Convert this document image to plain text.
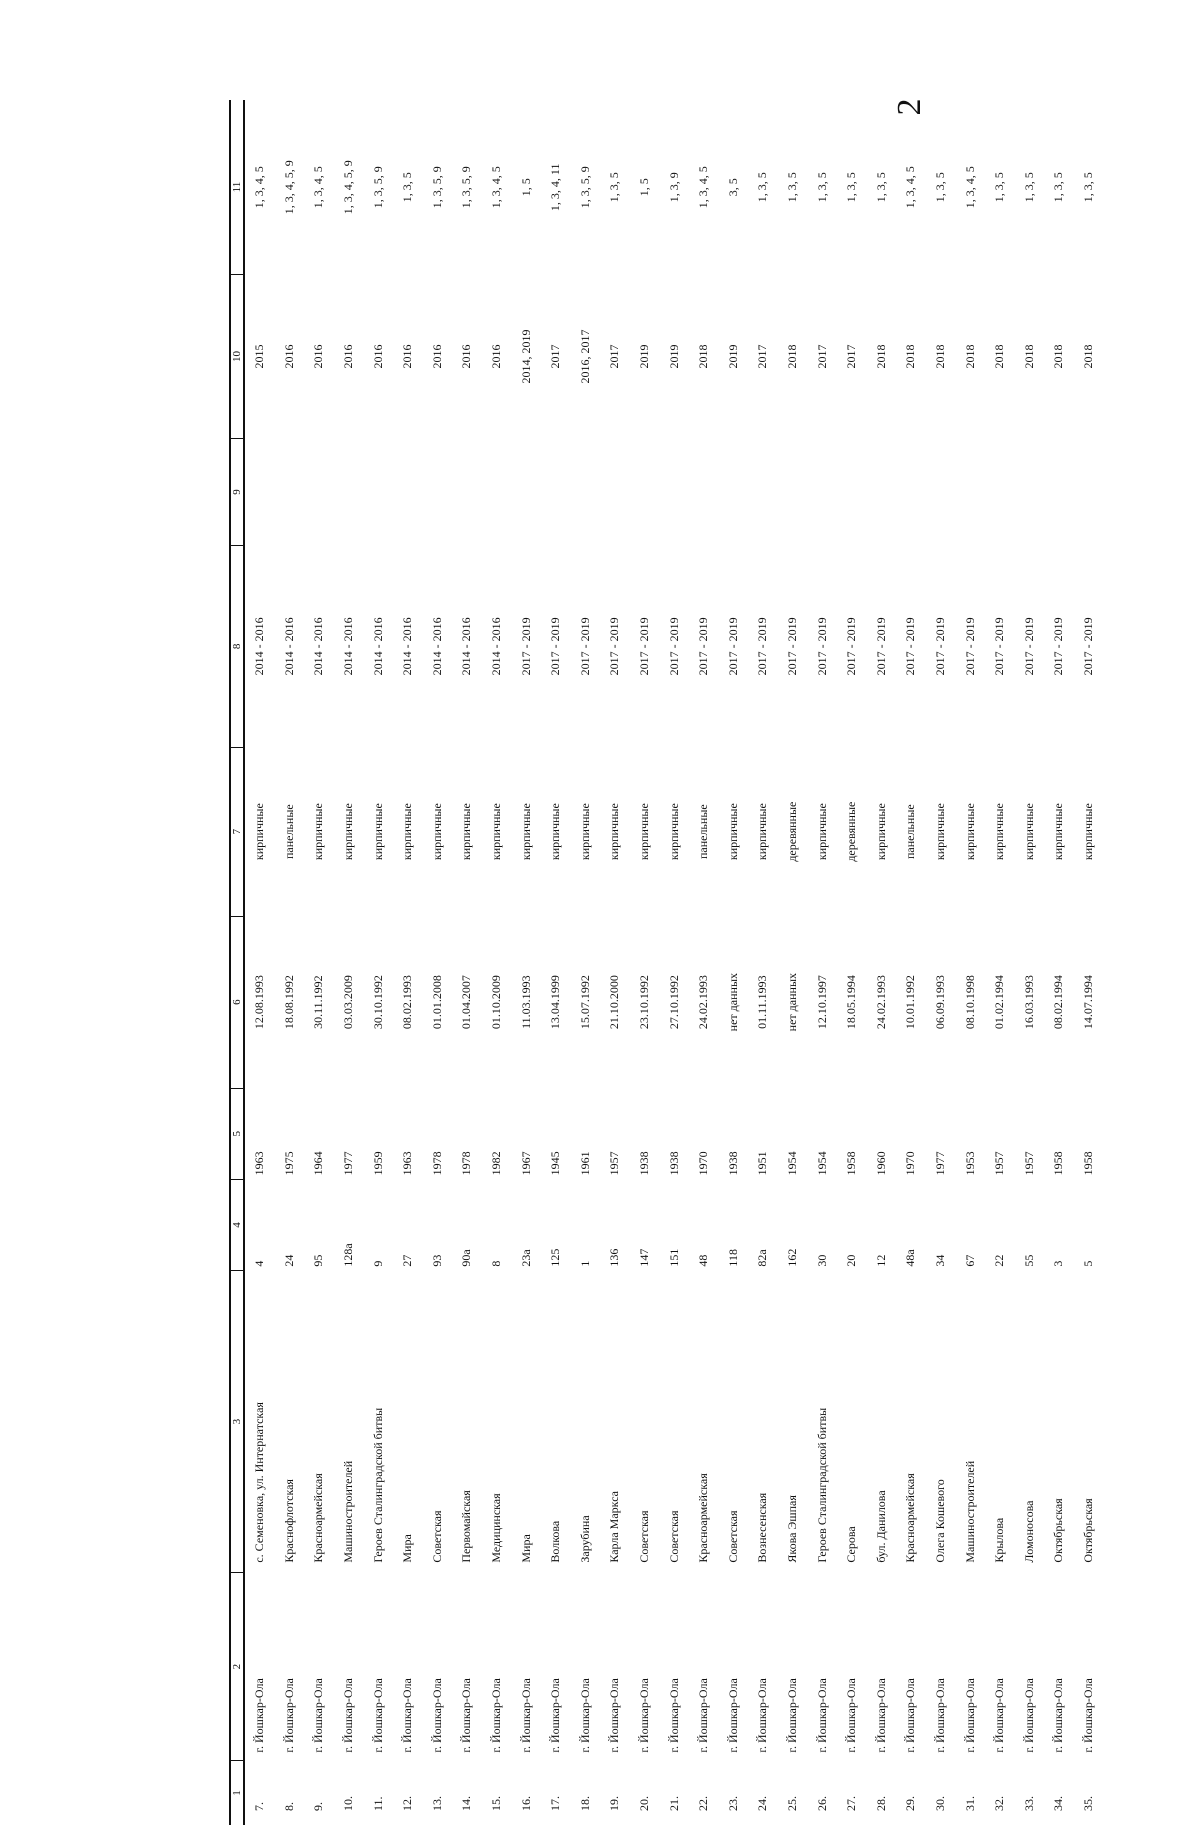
2
1	2	3	4	5	6	7	8	9	10	11
7.	г. Йошкар-Ола	с. Семеновка, ул. Интернатская	4	1963	12.08.1993	кирпичные	2014 - 2016		2015	1, 3, 4, 5
8.	г. Йошкар-Ола	Краснофлотская	24	1975	18.08.1992	панельные	2014 - 2016		2016	1, 3, 4, 5, 9
9.	г. Йошкар-Ола	Красноармейская	95	1964	30.11.1992	кирпичные	2014 - 2016		2016	1, 3, 4, 5
10.	г. Йошкар-Ола	Машиностроителей	128а	1977	03.03.2009	кирпичные	2014 - 2016		2016	1, 3, 4, 5, 9
11.	г. Йошкар-Ола	Героев Сталинградской битвы	9	1959	30.10.1992	кирпичные	2014 - 2016		2016	1, 3, 5, 9
12.	г. Йошкар-Ола	Мира	27	1963	08.02.1993	кирпичные	2014 - 2016		2016	1, 3, 5
13.	г. Йошкар-Ола	Советская	93	1978	01.01.2008	кирпичные	2014 - 2016		2016	1, 3, 5, 9
14.	г. Йошкар-Ола	Первомайская	90а	1978	01.04.2007	кирпичные	2014 - 2016		2016	1, 3, 5, 9
15.	г. Йошкар-Ола	Медицинская	8	1982	01.10.2009	кирпичные	2014 - 2016		2016	1, 3, 4, 5
16.	г. Йошкар-Ола	Мира	23а	1967	11.03.1993	кирпичные	2017 - 2019		2014, 2019	1, 5
17.	г. Йошкар-Ола	Волкова	125	1945	13.04.1999	кирпичные	2017 - 2019		2017	1, 3, 4, 11
18.	г. Йошкар-Ола	Зарубина	1	1961	15.07.1992	кирпичные	2017 - 2019		2016, 2017	1, 3, 5, 9
19.	г. Йошкар-Ола	Карла Маркса	136	1957	21.10.2000	кирпичные	2017 - 2019		2017	1, 3, 5
20.	г. Йошкар-Ола	Советская	147	1938	23.10.1992	кирпичные	2017 - 2019		2019	1, 5
21.	г. Йошкар-Ола	Советская	151	1938	27.10.1992	кирпичные	2017 - 2019		2019	1, 3, 9
22.	г. Йошкар-Ола	Красноармейская	48	1970	24.02.1993	панельные	2017 - 2019		2018	1, 3, 4, 5
23.	г. Йошкар-Ола	Советская	118	1938	нет данных	кирпичные	2017 - 2019		2019	3, 5
24.	г. Йошкар-Ола	Вознесенская	82а	1951	01.11.1993	кирпичные	2017 - 2019		2017	1, 3, 5
25.	г. Йошкар-Ола	Якова Эшпая	162	1954	нет данных	деревянные	2017 - 2019		2018	1, 3, 5
26.	г. Йошкар-Ола	Героев Сталинградской битвы	30	1954	12.10.1997	кирпичные	2017 - 2019		2017	1, 3, 5
27.	г. Йошкар-Ола	Серова	20	1958	18.05.1994	деревянные	2017 - 2019		2017	1, 3, 5
28.	г. Йошкар-Ола	бул. Данилова	12	1960	24.02.1993	кирпичные	2017 - 2019		2018	1, 3, 5
29.	г. Йошкар-Ола	Красноармейская	48а	1970	10.01.1992	панельные	2017 - 2019		2018	1, 3, 4, 5
30.	г. Йошкар-Ола	Олега Кошевого	34	1977	06.09.1993	кирпичные	2017 - 2019		2018	1, 3, 5
31.	г. Йошкар-Ола	Машиностроителей	67	1953	08.10.1998	кирпичные	2017 - 2019		2018	1, 3, 4, 5
32.	г. Йошкар-Ола	Крылова	22	1957	01.02.1994	кирпичные	2017 - 2019		2018	1, 3, 5
33.	г. Йошкар-Ола	Ломоносова	55	1957	16.03.1993	кирпичные	2017 - 2019		2018	1, 3, 5
34.	г. Йошкар-Ола	Октябрьская	3	1958	08.02.1994	кирпичные	2017 - 2019		2018	1, 3, 5
35.	г. Йошкар-Ола	Октябрьская	5	1958	14.07.1994	кирпичные	2017 - 2019		2018	1, 3, 5
